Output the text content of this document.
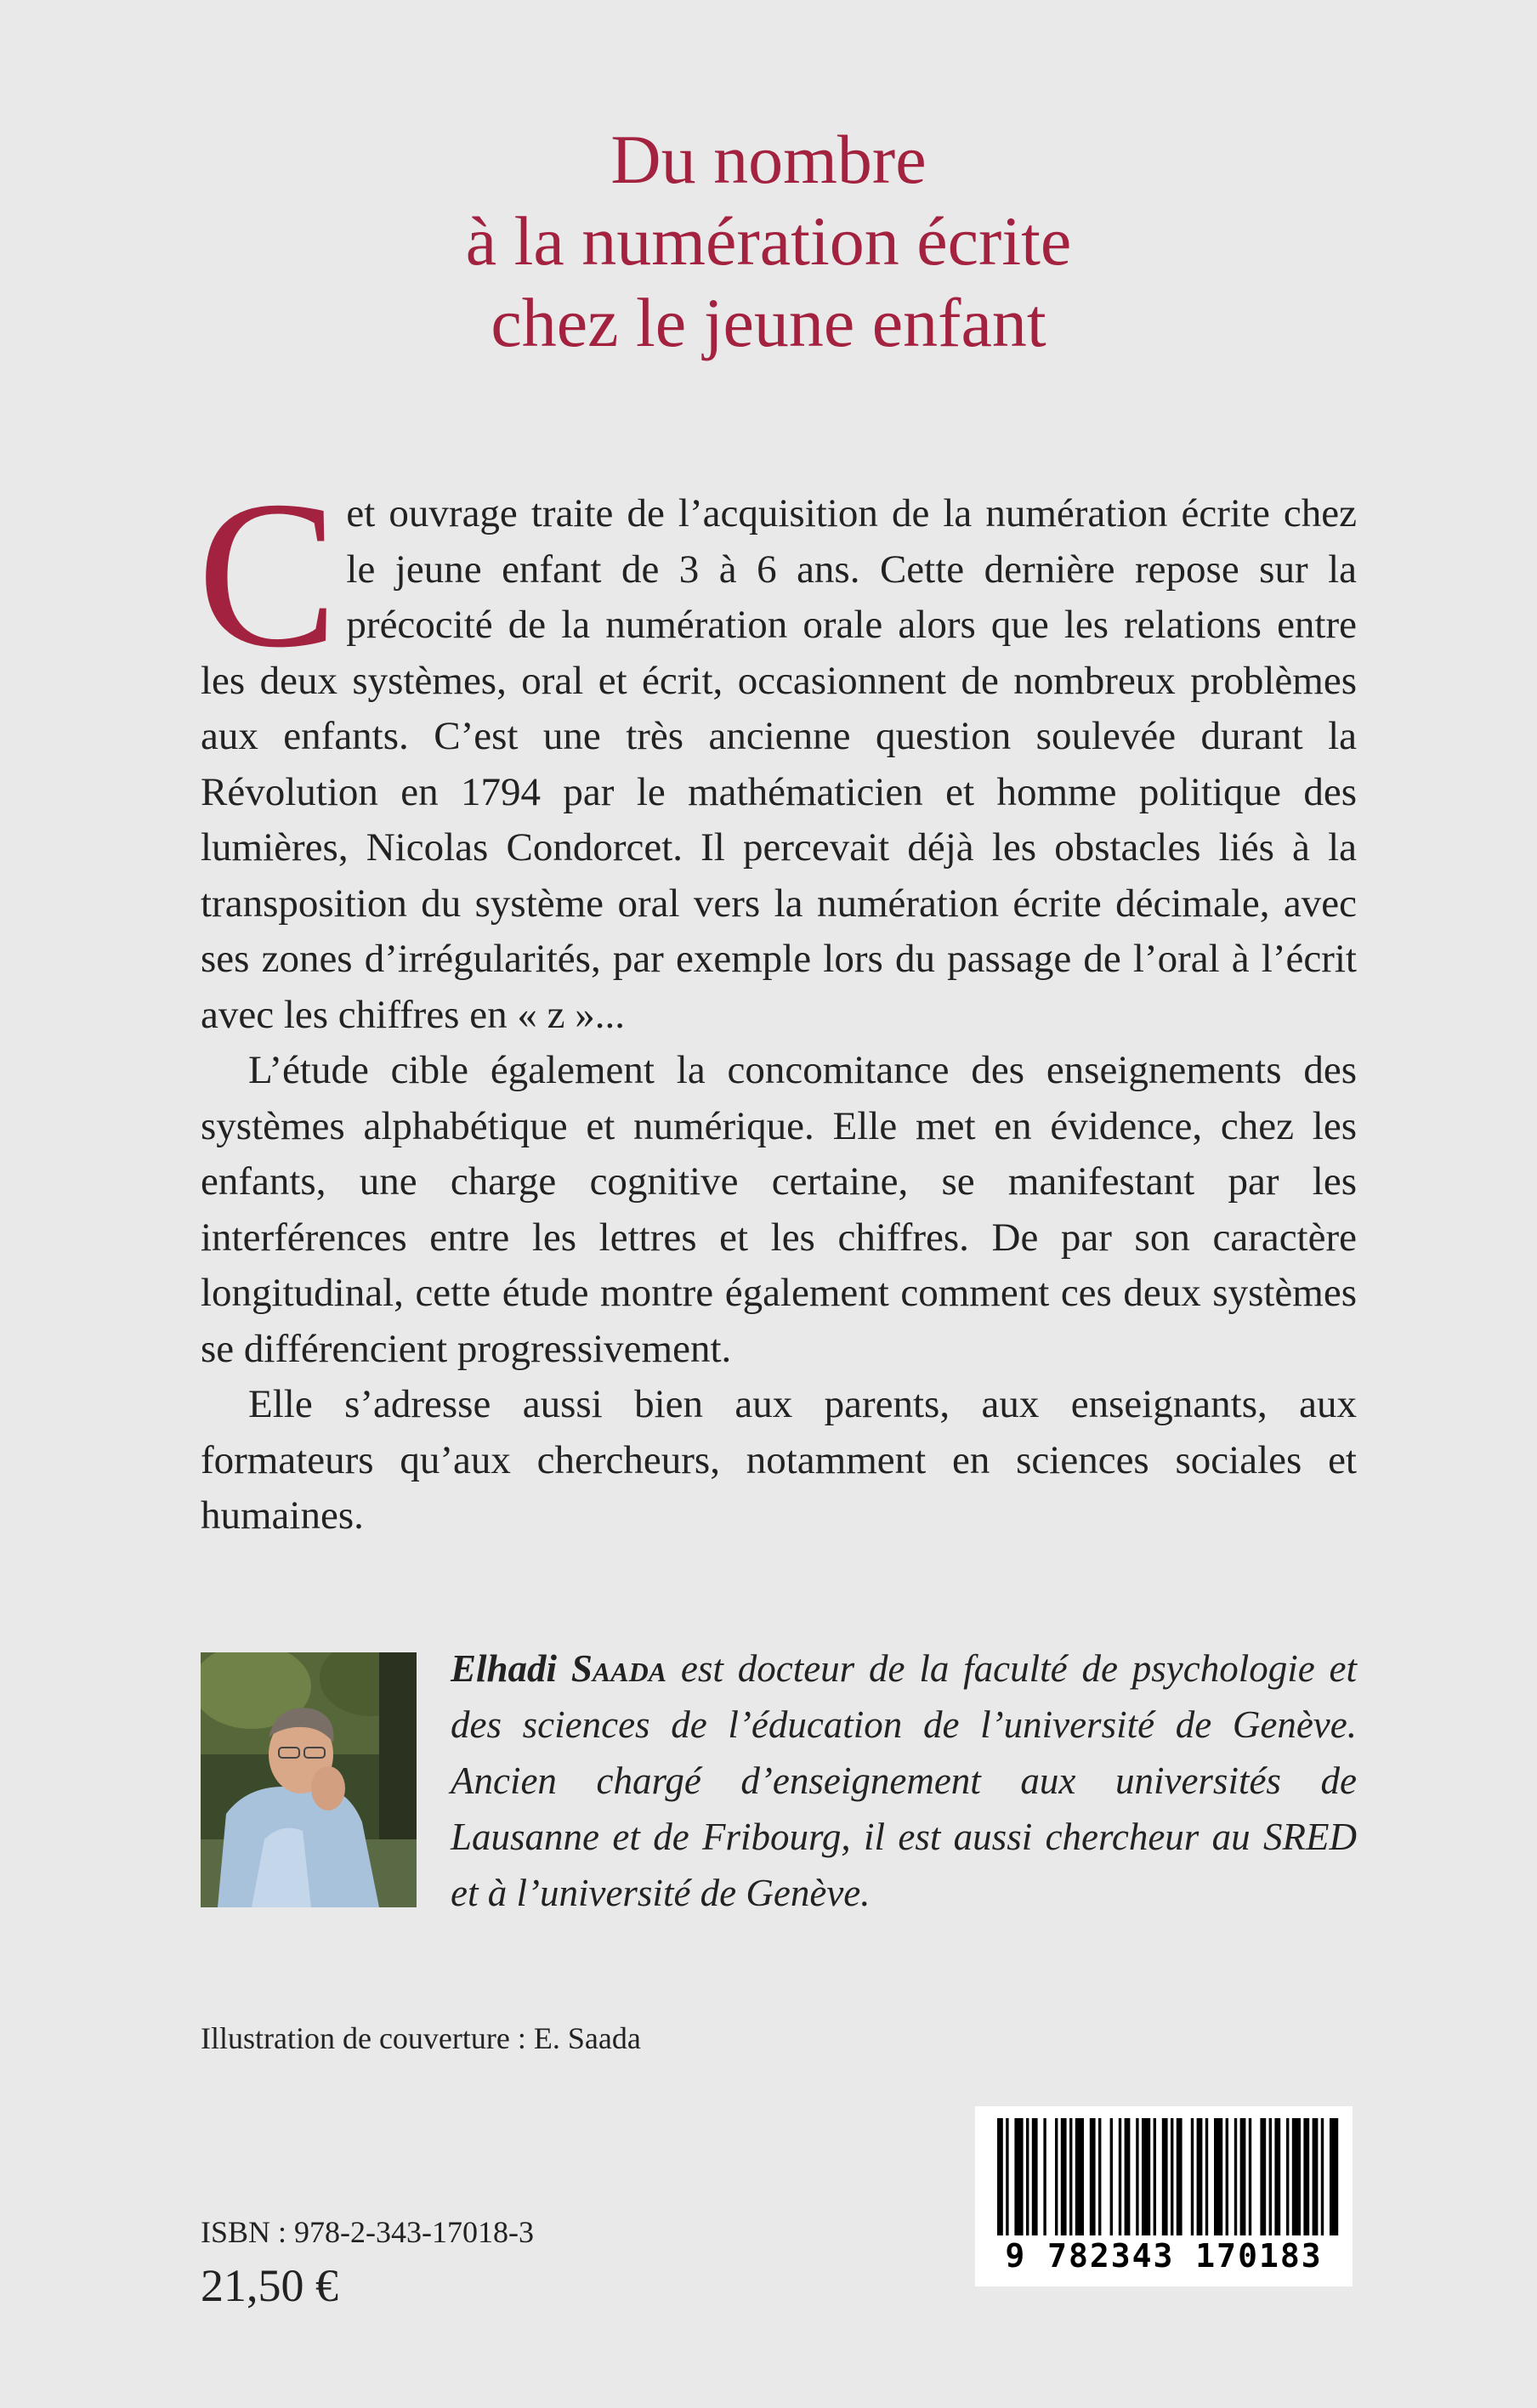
Du nombre
à la numération écrite
chez le jeune enfant

Cet ouvrage traite de l’acquisition de la numération écrite chez le jeune enfant de 3 à 6 ans. Cette dernière repose sur la précocité de la numération orale alors que les relations entre les deux systèmes, oral et écrit, occasionnent de nombreux problèmes aux enfants. C’est une très ancienne question soulevée durant la Révolution en 1794 par le mathématicien et homme politique des lumières, Nicolas Condorcet. Il percevait déjà les obstacles liés à la transposition du système oral vers la numération écrite décimale, avec ses zones d’irrégularités, par exemple lors du passage de l’oral à l’écrit avec les chiffres en « z »...

L’étude cible également la concomitance des enseignements des systèmes alphabétique et numérique. Elle met en évidence, chez les enfants, une charge cognitive certaine, se manifestant par les interférences entre les lettres et les chiffres. De par son caractère longitudinal, cette étude montre également comment ces deux systèmes se différencient progressivement.

Elle s’adresse aussi bien aux parents, aux enseignants, aux formateurs qu’aux chercheurs, notamment en sciences sociales et humaines.

Elhadi Saada est docteur de la faculté de psychologie et des sciences de l’éducation de l’université de Genève. Ancien chargé d’enseignement aux universités de Lausanne et de Fribourg, il est aussi chercheur au SRED et à l’université de Genève.
Illustration de couverture : E. Saada
ISBN : 978-2-343-17018-3
21,50 €
9 782343 170183
